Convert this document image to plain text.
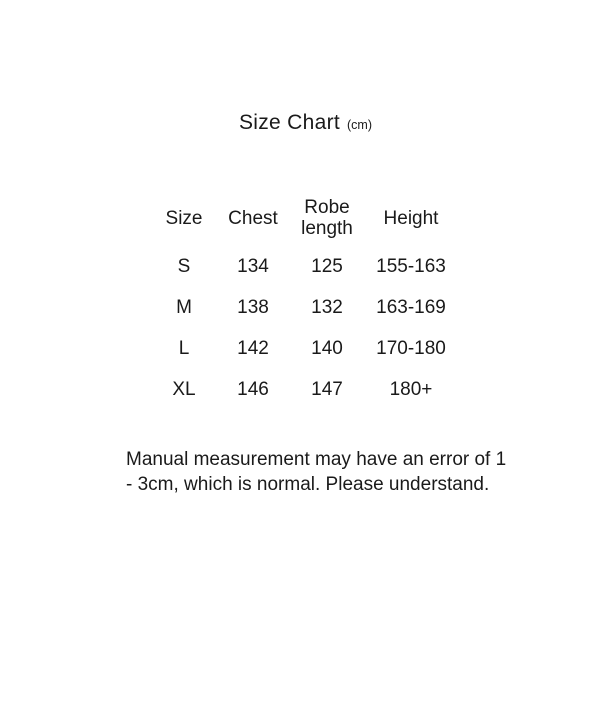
Size Chart (cm)
Size Chest	Robe length	Height
S	134	125	155-163
M	138	132	163-169
L	142	140	170-180
XL	146	147	180+
Manual measurement may have an error of 1
- 3cm, which is normal. Please understand.
